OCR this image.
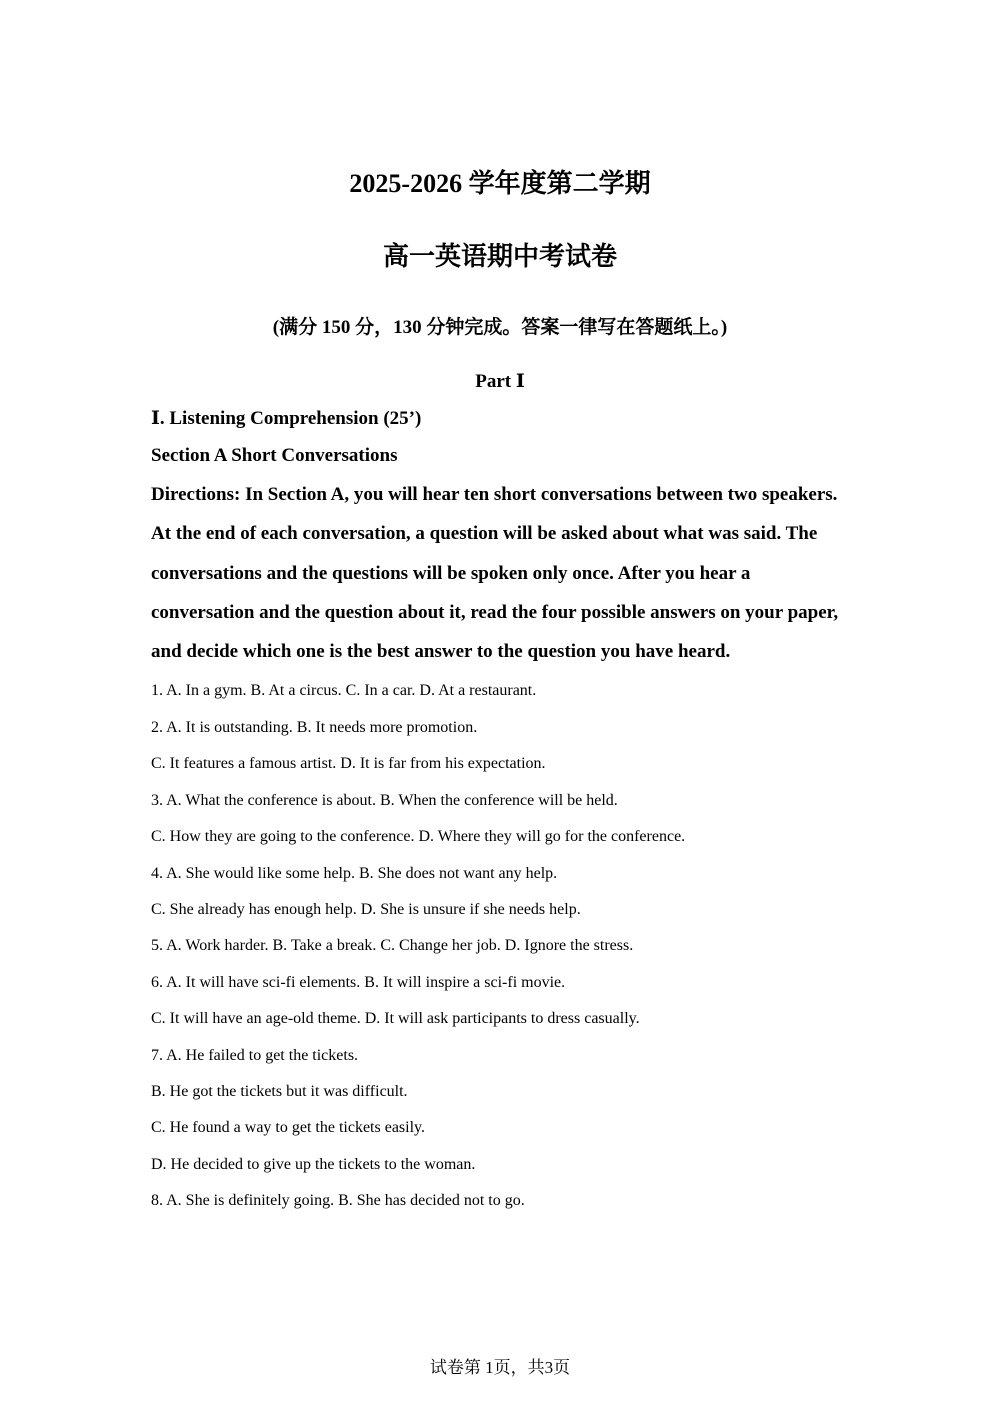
2025-2026 学年度第二学期
高一英语期中考试卷
(满分 150 分，130 分钟完成。答案一律写在答题纸上。)
Part Ⅰ
Ⅰ. Listening Comprehension (25’)
Section A Short Conversations
Directions: In Section A, you will hear ten short conversations between two speakers. At the end of each conversation, a question will be asked about what was said. The conversations and the questions will be spoken only once. After you hear a conversation and the question about it, read the four possible answers on your paper, and decide which one is the best answer to the question you have heard.
1. A. In a gym. B. At a circus. C. In a car. D. At a restaurant.
2. A. It is outstanding. B. It needs more promotion.
C. It features a famous artist. D. It is far from his expectation.
3. A. What the conference is about. B. When the conference will be held.
C. How they are going to the conference. D. Where they will go for the conference.
4. A. She would like some help. B. She does not want any help.
C. She already has enough help. D. She is unsure if she needs help.
5. A. Work harder. B. Take a break. C. Change her job. D. Ignore the stress.
6. A. It will have sci-fi elements. B. It will inspire a sci-fi movie.
C. It will have an age-old theme. D. It will ask participants to dress casually.
7. A. He failed to get the tickets.
B. He got the tickets but it was difficult.
C. He found a way to get the tickets easily.
D. He decided to give up the tickets to the woman.
8. A. She is definitely going. B. She has decided not to go.
试卷第 1页，共3页
